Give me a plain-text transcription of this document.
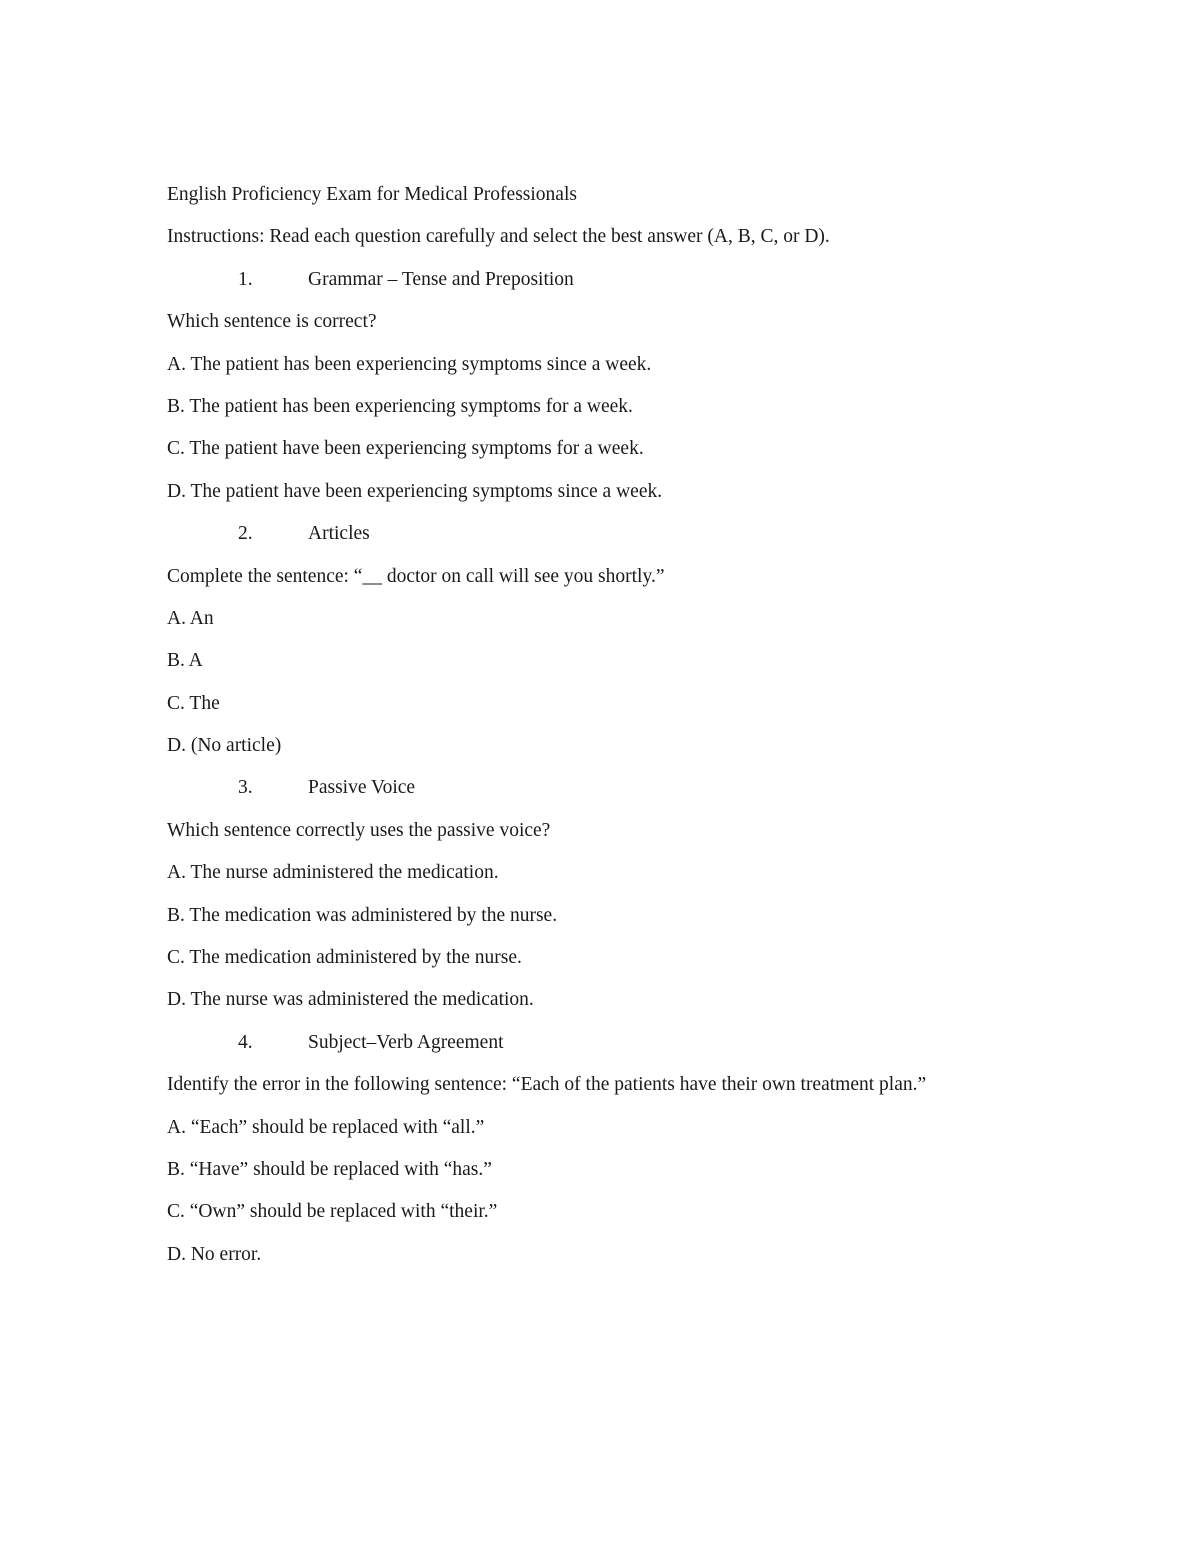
English Proficiency Exam for Medical Professionals
Instructions: Read each question carefully and select the best answer (A, B, C, or D).
1.	Grammar – Tense and Preposition
Which sentence is correct?
A. The patient has been experiencing symptoms since a week.
B. The patient has been experiencing symptoms for a week.
C. The patient have been experiencing symptoms for a week.
D. The patient have been experiencing symptoms since a week.
2.	Articles
Complete the sentence: “__ doctor on call will see you shortly.”
A. An
B. A
C. The
D. (No article)
3.	Passive Voice
Which sentence correctly uses the passive voice?
A. The nurse administered the medication.
B. The medication was administered by the nurse.
C. The medication administered by the nurse.
D. The nurse was administered the medication.
4.	Subject–Verb Agreement
Identify the error in the following sentence: “Each of the patients have their own treatment plan.”
A. “Each” should be replaced with “all.”
B. “Have” should be replaced with “has.”
C. “Own” should be replaced with “their.”
D. No error.
